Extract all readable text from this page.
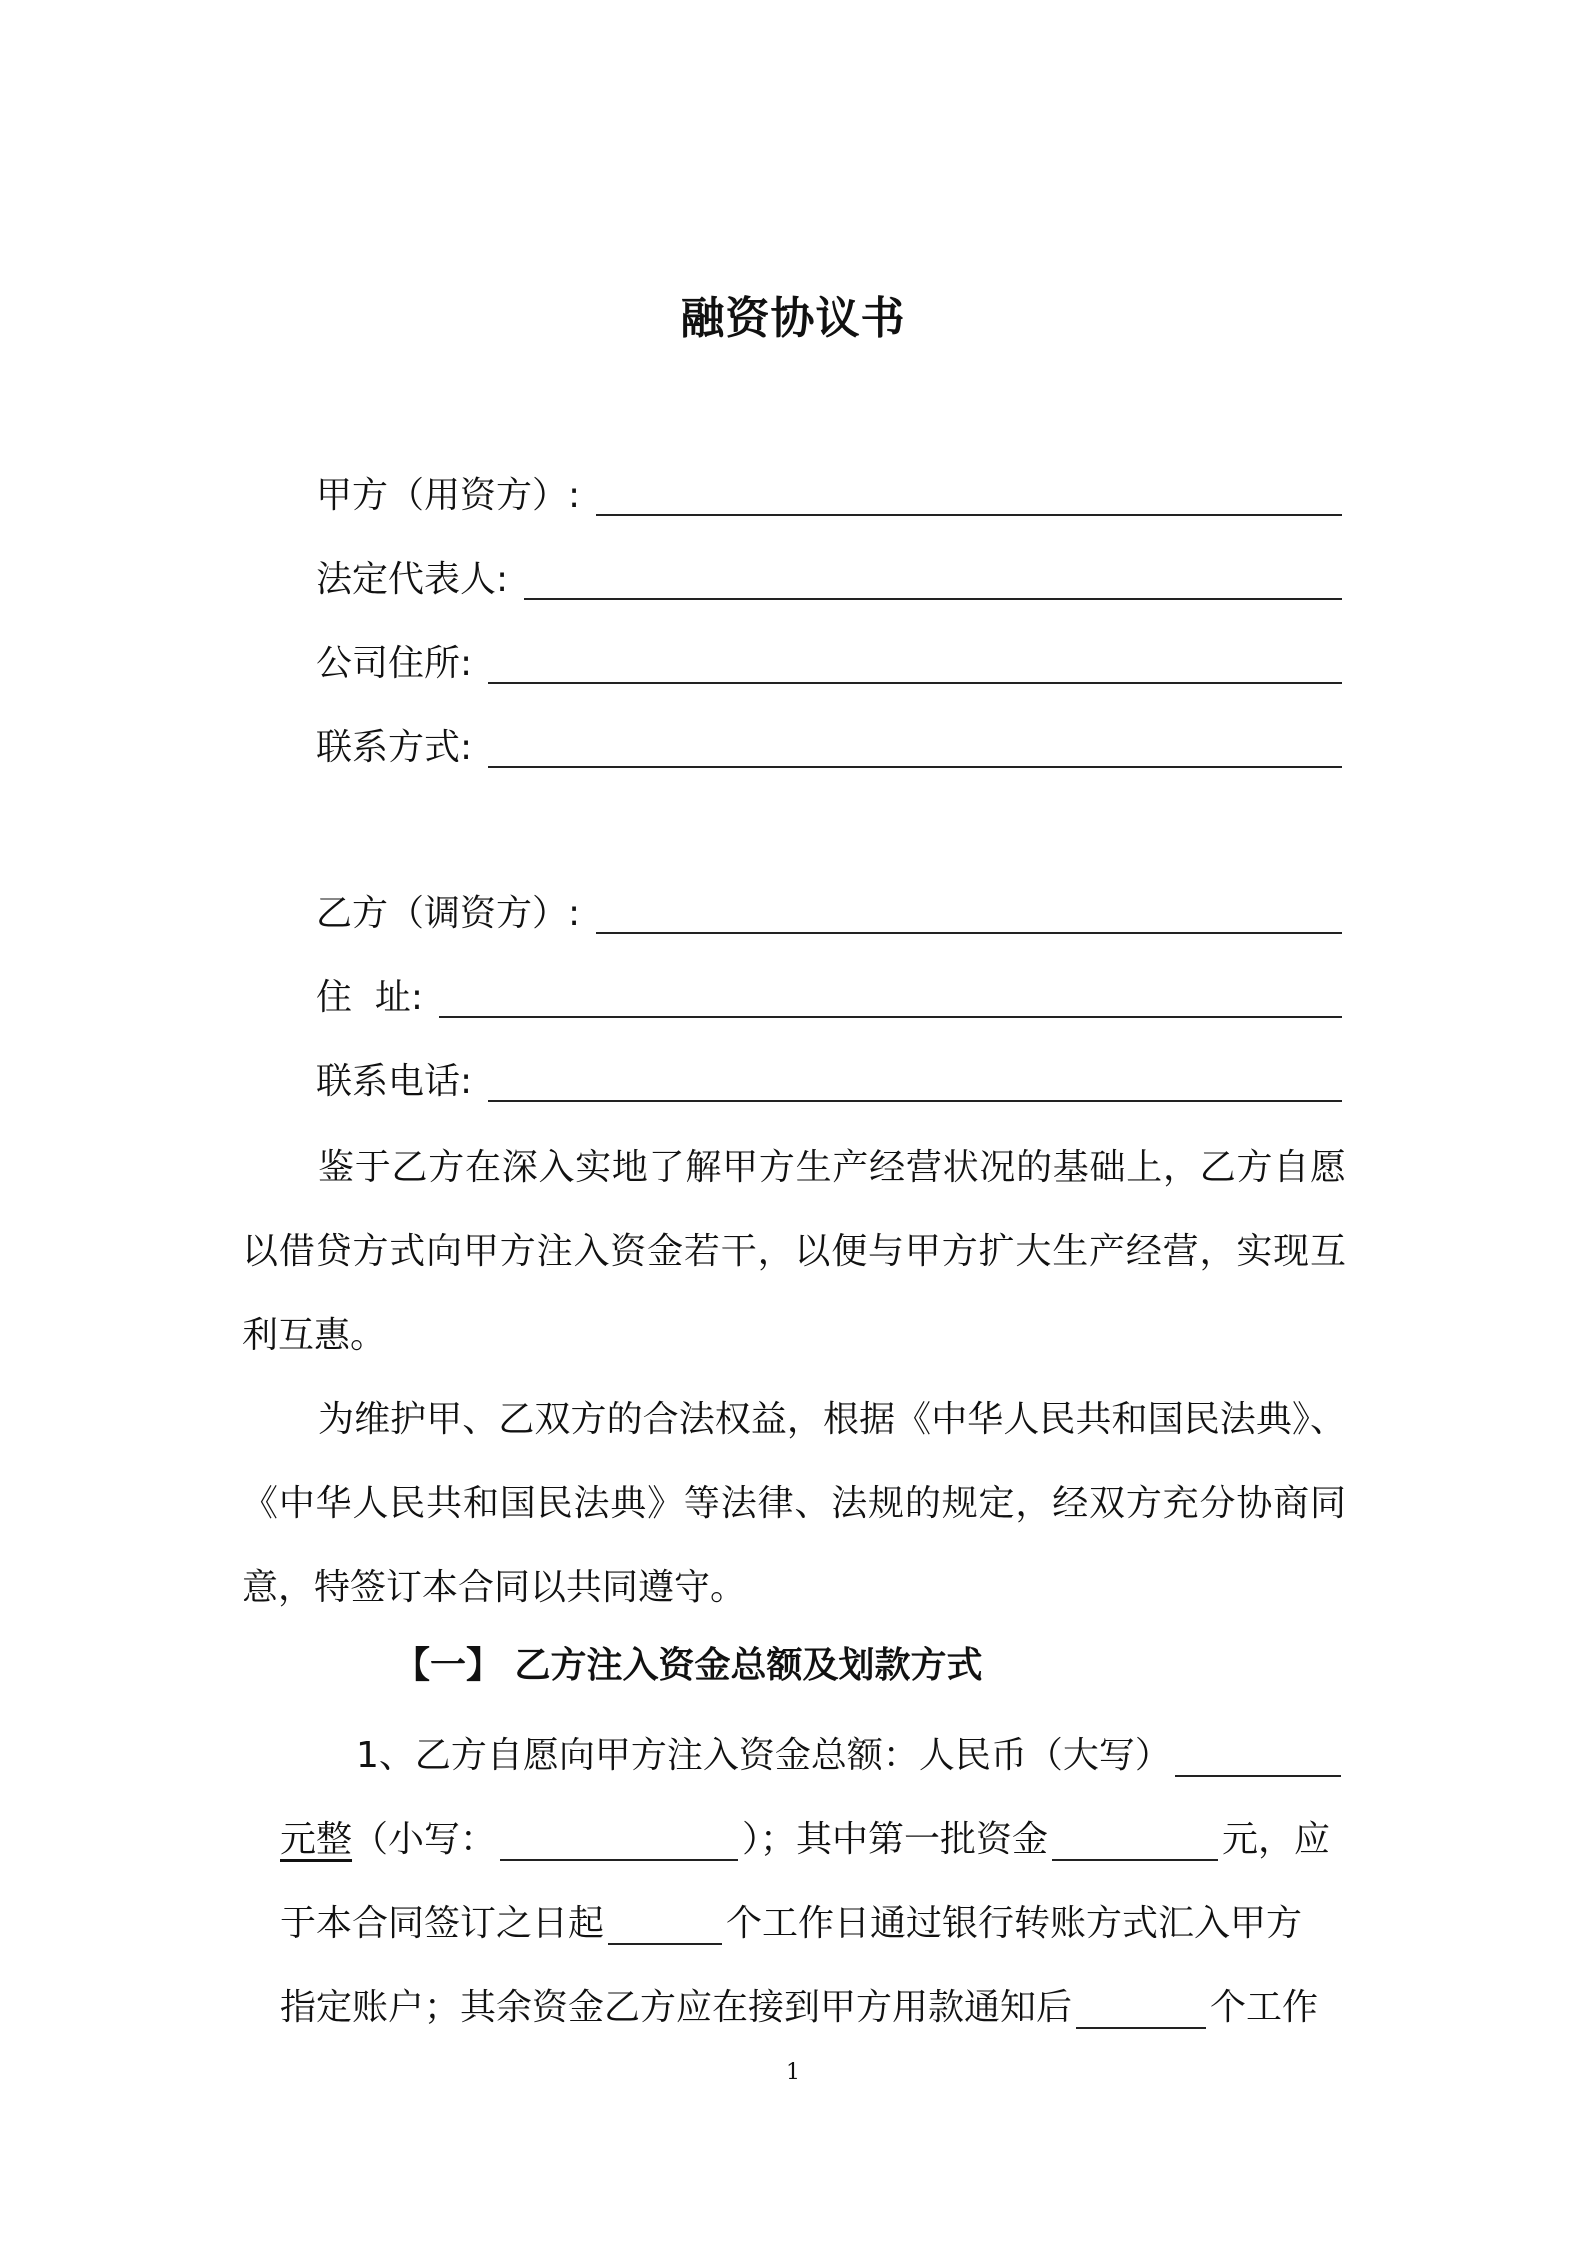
融资协议书
甲方（用资方）:
法定代表人:
公司住所:
联系方式:
乙方（调资方）:
住  址:
联系电话:
鉴于乙方在深入实地了解甲方生产经营状况的基础上，乙方自愿以借贷方式向甲方注入资金若干，以便与甲方扩大生产经营，实现互利互惠。
为维护甲、乙双方的合法权益，根据《中华人民共和国民法典》、《中华人民共和国民法典》等法律、法规的规定，经双方充分协商同意，特签订本合同以共同遵守。
【一】 乙方注入资金总额及划款方式
1、乙方自愿向甲方注入资金总额：人民币（大写）
元整 （小写：	）；其中第一批资金	元，应
于本合同签订之日起	个工作日通过银行转账方式汇入甲方
指定账户；其余资金乙方应在接到甲方用款通知后	个工作
1
